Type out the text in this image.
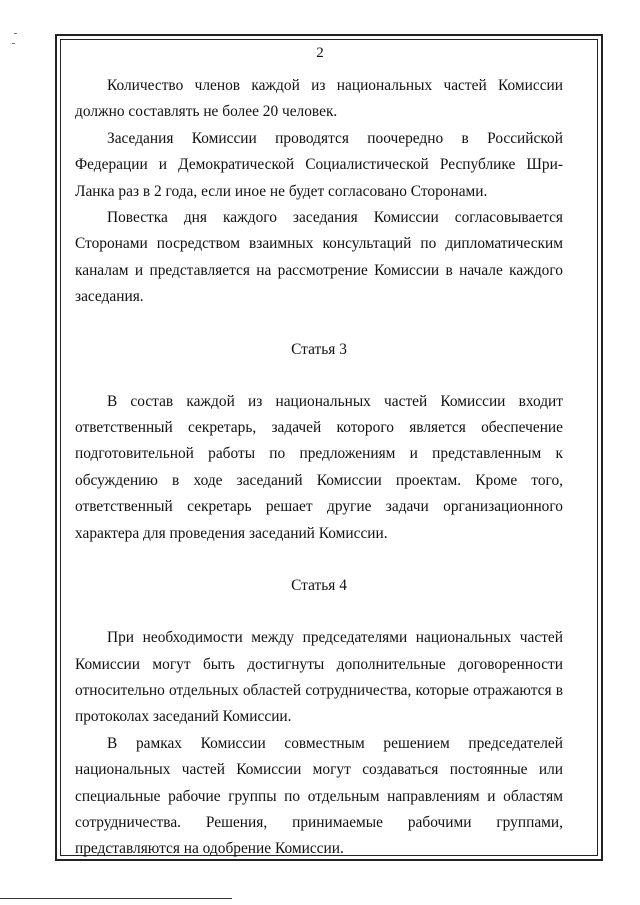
2

Количество членов каждой из национальных частей Комиссии должно составлять не более 20 человек.

Заседания Комиссии проводятся поочередно в Российской Федерации и Демократической Социалистической Республике Шри-Ланка раз в 2 года, если иное не будет согласовано Сторонами.

Повестка дня каждого заседания Комиссии согласовывается Сторонами посредством взаимных консультаций по дипломатическим каналам и представляется на рассмотрение Комиссии в начале каждого заседания.

Статья 3

В состав каждой из национальных частей Комиссии входит ответственный секретарь, задачей которого является обеспечение подготовительной работы по предложениям и представленным к обсуждению в ходе заседаний Комиссии проектам. Кроме того, ответственный секретарь решает другие задачи организационного характера для проведения заседаний Комиссии.

Статья 4

При необходимости между председателями национальных частей Комиссии могут быть достигнуты дополнительные договоренности относительно отдельных областей сотрудничества, которые отражаются в протоколах заседаний Комиссии.

В рамках Комиссии совместным решением председателей национальных частей Комиссии могут создаваться постоянные или специальные рабочие группы по отдельным направлениям и областям сотрудничества. Решения, принимаемые рабочими группами, представляются на одобрение Комиссии.
